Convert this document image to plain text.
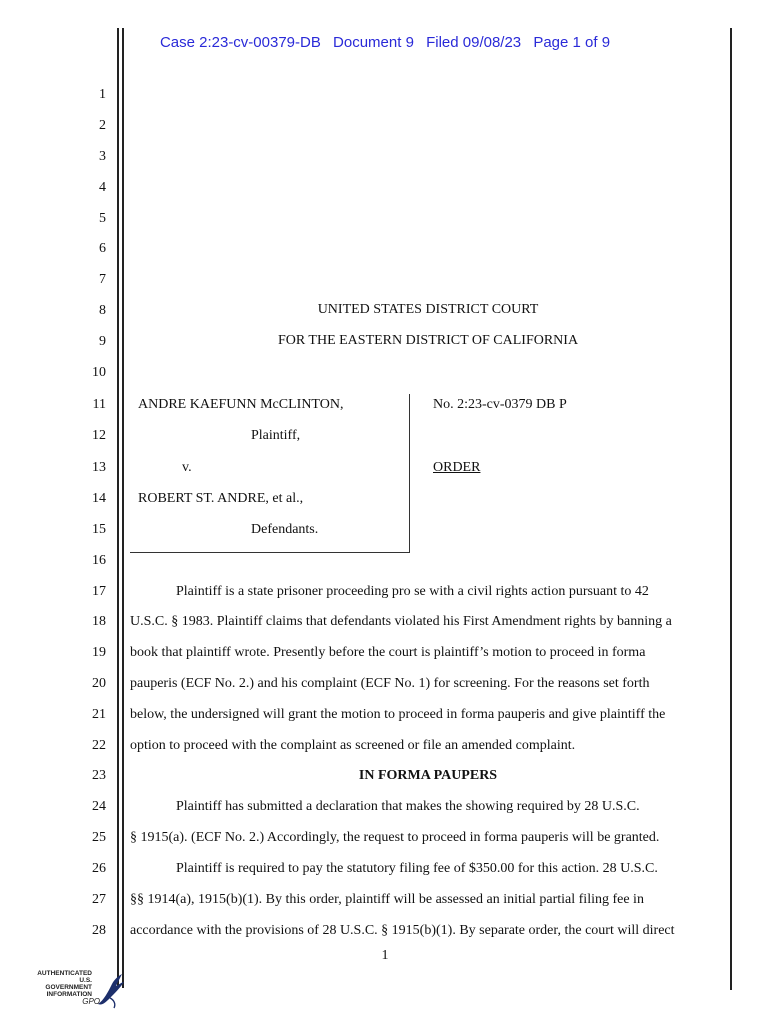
Case 2:23-cv-00379-DB Document 9 Filed 09/08/23 Page 1 of 9
1
2
3
4
5
6
7
8
9
10
11
12
13
14
15
16
17
18
19
20
21
22
23
24
25
26
27
28
UNITED STATES DISTRICT COURT
FOR THE EASTERN DISTRICT OF CALIFORNIA
ANDRE KAEFUNN McCLINTON,
Plaintiff,
v.
ROBERT ST. ANDRE, et al.,
Defendants.
No. 2:23-cv-0379 DB P
ORDER
Plaintiff is a state prisoner proceeding pro se with a civil rights action pursuant to 42
U.S.C. § 1983. Plaintiff claims that defendants violated his First Amendment rights by banning a
book that plaintiff wrote. Presently before the court is plaintiff’s motion to proceed in forma
pauperis (ECF No. 2.) and his complaint (ECF No. 1) for screening. For the reasons set forth
below, the undersigned will grant the motion to proceed in forma pauperis and give plaintiff the
option to proceed with the complaint as screened or file an amended complaint.
IN FORMA PAUPERS
Plaintiff has submitted a declaration that makes the showing required by 28 U.S.C.
§ 1915(a). (ECF No. 2.) Accordingly, the request to proceed in forma pauperis will be granted.
Plaintiff is required to pay the statutory filing fee of $350.00 for this action. 28 U.S.C.
§§ 1914(a), 1915(b)(1). By this order, plaintiff will be assessed an initial partial filing fee in
accordance with the provisions of 28 U.S.C. § 1915(b)(1). By separate order, the court will direct
1
AUTHENTICATED
U.S. GOVERNMENT
INFORMATION
GPO
